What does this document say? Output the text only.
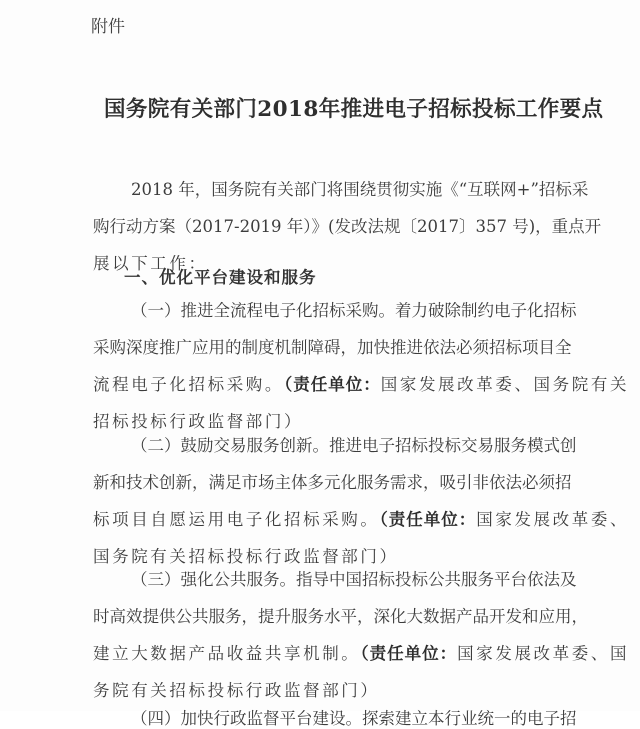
附件
国务院有关部门2018年推进电子招标投标工作要点
2018 年，国务院有关部门将围绕贯彻实施《“互联网+”招标采
购行动方案（2017-2019 年）》(发改法规〔2017〕357 号)，重点开
展以下工作：
一、优化平台建设和服务
（一）推进全流程电子化招标采购。着力破除制约电子化招标
采购深度推广应用的制度机制障碍，加快推进依法必须招标项目全
流程电子化招标采购。（责任单位：国家发展改革委、国务院有关
招标投标行政监督部门）
（二）鼓励交易服务创新。推进电子招标投标交易服务模式创
新和技术创新，满足市场主体多元化服务需求，吸引非依法必须招
标项目自愿运用电子化招标采购。（责任单位：国家发展改革委、
国务院有关招标投标行政监督部门）
（三）强化公共服务。指导中国招标投标公共服务平台依法及
时高效提供公共服务，提升服务水平，深化大数据产品开发和应用，
建立大数据产品收益共享机制。（责任单位：国家发展改革委、国
务院有关招标投标行政监督部门）
（四）加快行政监督平台建设。探索建立本行业统一的电子招
